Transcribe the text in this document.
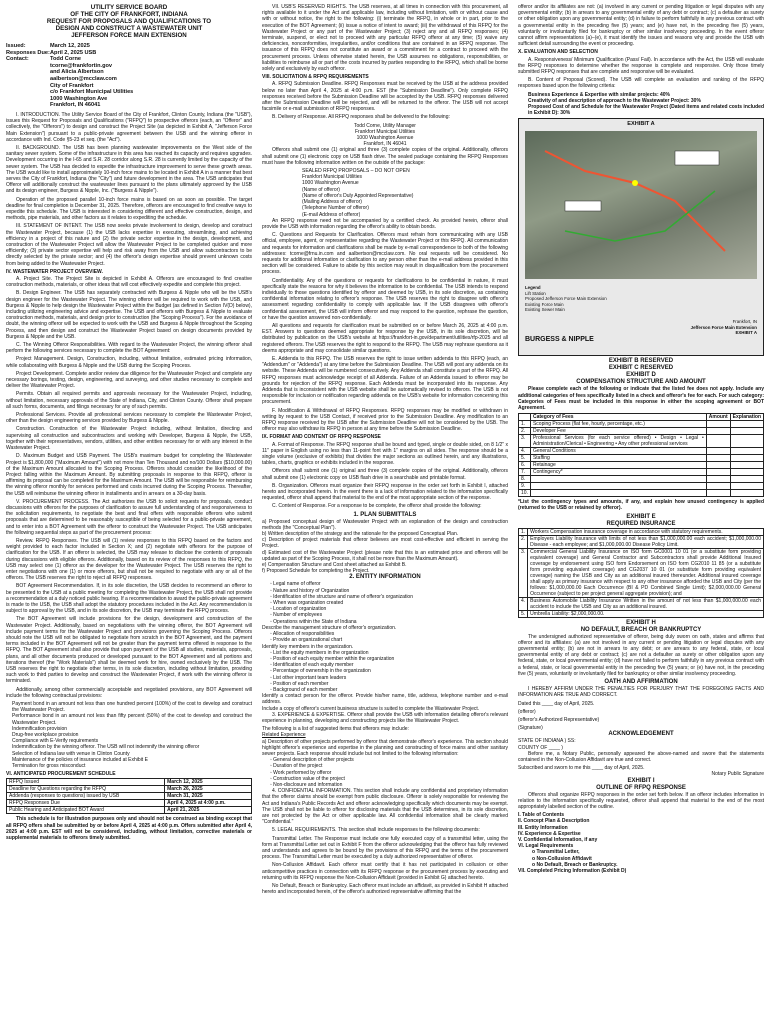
UTILITY SERVICE BOARD
OF THE CITY OF FRANKFORT, INDIANA
REQUEST FOR PROPOSALS AND QUALIFICATIONS TO
DESIGN AND CONSTRUCT A WASTEWATER UNIT
JEFFERSON FORCE MAIN EXTENSION
Issued:	March 12, 2025
Responses Due:April 2, 2025 USB
Contact:	Todd Corne
tcorne@frankfortin.gov
and Alicia Albertson
aalbertson@mcclaw.com
City of Frankfort
c/o Frankfort Municipal Utilities
1000 Washington Ave
Frankfort, IN 46041

I. INTRODUCTION. The Utility Service Board of the City of Frankfort, Clinton County, Indiana (the "USB"), issues this Request for Proposals and Qualifications ("RFPQ") to prospective offerors (each, an "Offeror" and collectively, the "Offerors") to design and construct the Project Site (as depicted in Exhibit A, "Jefferson Force Main Extension") pursuant to a public-private agreement between the USB and the winning offeror in accordance with Ind. Code §5-23 et seq. (the "Act").

II. BACKGROUND. The USB has been planning wastewater improvements on the West side of the sanitary sewer system. Some of the infrastructure in this area has reached its capacity and requires upgrades. Development occurring in the I-65 and S.R. 28 corridor along S.R. 28 is currently limited by the capacity of the sewer system. The USB has decided to expedite the infrastructure improvement to serve these growth areas. The USB would like to install approximately 10-inch force mains to be located in Exhibit A in a manner that best serves the City of Frankfort, Indiana (the "City") and future development in the area. The USB anticipates that Offeror will additionally construct the wastewater lines pursuant to the plans ultimately approved by the USB and its design engineer, Burgess & Nipple, Inc. ("Burgess & Nipple").

Operation of the proposed parallel 10-inch force mains is based on as soon as possible. The target deadline for final completion is December 31, 2025. Therefore, offerors are encouraged to find creative ways to expedite this schedule. The USB is interested in considering different and effective construction, design, and methods, pipe materials, and other factors as it relates to expediting the schedule.

III. STATEMENT OF INTENT. The USB now seeks private involvement to design, develop and construct the Wastewater Project, because (1) the USB lacks expertise in executing, streamlining, and achieving efficiency in a project of this nature and (2) the private sector expertise in the design, development, and construction of the Wastewater Project will allow the Wastewater Project to be completed quicker and more efficiently; (3) private sector expertise will help and risk away from the USB and allow subcontractors to be directly selected by the private sector; and (4) the offeror's design expertise should prevent unknown costs from being added to the Wastewater Project.

IV. WASTEWATER PROJECT OVERVIEW.

A. Project Site. The Project Site is depicted in Exhibit A. Offerors are encouraged to find creative construction methods, materials, or other ideas that will cost effectively expedite and complete this project.

B. Design Engineer. The USB has separately contracted with Burgess & Nipple who will be the USB's design engineer for the Wastewater Project. The winning offeror will be required to work with the USB, and Burgess & Nipple to help design the Wastewater Project within the Budget (as defined in Section IV(D) below), including utilizing engineering advice and expertise. The USB and offerors with Burgess & Nipple to evaluate construction methods, materials, and design prior to construction (the "Scoping Process"). For the avoidance of doubt, the winning offeror will be expected to work with the USB and Burgess & Nipple throughout the Scoping Process, and then design and construct the Wastewater Project based on design documents provided by Burgess & Nipple and the USB.

C. The Winning Offeror Responsibilities. With regard to the Wastewater Project, the winning offeror shall perform the following services necessary to complete the BOT Agreement:

Project Management. Design, Construction, including, without limitation, estimated pricing information, while collaborating with Burgess & Nipple and the USB during the Scoping Process.

Project Development. Complete and/or review due diligence for the Wastewater Project and complete any necessary borings, testing, design, engineering, and surveying, and other studies necessary to complete and deliver the Wastewater Project.

Permits. Obtain all required permits and approvals necessary for the Wastewater Project, including, without limitation, necessary approvals of the State of Indiana, City, and Clinton County. Offeror shall prepare all such forms, documents, and filings necessary for any of such permits.

Professional Services. Provide all professional services necessary to complete the Wastewater Project, other than the design engineering services provided by Burgess & Nipple.

Construction. Construction of the Wastewater Project including, without limitation, directing and supervising all construction and subcontractors and working with Developer, Burgess & Nipple, the USB, together with their representatives, vendors, utilities, and other entities necessary for or with any interest in the Wastewater Project.

D. Maximum Budget and USB Payment. The USB's maximum budget for completing the Wastewater Project is $1,800,000 ("Maximum Amount") with not more than Ten Thousand and no/100 Dollars ($10,000.00) of the Maximum Amount allocated to the Scoping Process. Offerors should consider the likelihood of the Project falling within the Maximum Amount. By submitting proposals in response to this RFPQ, offeror is affirming its proposal can be completed for the Maximum Amount. The USB will be responsible for reimbursing the winning offeror monthly for services performed and costs incurred during the Scoping Process. Thereafter, the USB will reimburse the winning offeror in installments and in arrears on a 30-day basis.

V. PROCUREMENT PROCESS. The Act authorizes the USB to solicit requests for proposals, conduct discussions with offerors for the purposes of clarification to assure full understanding of and responsiveness to the solicitation requirements, to negotiate the best and final offers with responsible offerors who submit proposals that are determined to be reasonably susceptible of being selected for a public-private agreement, and to enter into a BOT Agreement with the offeror to construct the Wastewater Project. The USB anticipates the following sequential steps as part of the procurement process:

Review. RFPQ Responses. The USB will (1) review responses to this RFPQ based on the factors and weight provided to each factor included in Section X; and (2) negotiate with offerors for the purpose of clarification for the USB. If an offeror is selected, the USB may release to disclose the contents of proposals during discussions with eligible offerors. Additionally, based on its review of the responses to this RFPQ, the USB may select one (1) offeror as the developer for the Wastewater Project. The USB reserves the right to enter negotiations with one (1) or more offerors, but shall not be required to negotiate with any or all of the offerors. The USB reserves the right to reject all RFPQ responses.

BOT Agreement Recommendation. If, in its sole discretion, the USB decides to recommend an offeror to be presented to the USB at a public meeting for completing the Wastewater Project, the USB shall not provide a recommendation at a duly noticed public hearing. If a recommendation to award the public-private agreement is made to the USB, the USB shall adopt the statutory procedures included in the Act. Any recommendation is subject to approval by the USB, and in its sole discretion, the USB may terminate the RFPQ process.

The BOT Agreement will include provisions for the design, development and construction of the Wastewater Project. Additionally, based on negotiations with the winning offeror, the BOT Agreement will include payment terms for the Wastewater Project and provisions governing the Scoping Process. Offerors should note the USB will not be obligated to negotiate from scratch in the BOT Agreement, and the payment terms included in the BOT Agreement will not be greater than the payment terms offered in response to the RFPQ. The BOT Agreement shall also provide that upon payment of the USB all studies, materials, approvals, plans, and all other documents produced or developed pursuant to the BOT Agreement and all portions and iterations thereof (the "Work Materials") shall be deemed work for hire, owned exclusively by the USB. The USB reserves the right to negotiate other terms, in its sole discretion, including without limitation, providing such work to third parties to develop and construct the Wastewater Project, if work with the winning offeror is terminated.

Additionally, among other commercially acceptable and negotiated provisions, any BOT Agreement will include the following contractual provisions:

Payment bond in an amount not less than one hundred percent (100%) of the cost to develop and construct the Wastewater Project.
Performance bond in an amount not less than fifty percent (50%) of the cost to develop and construct the Wastewater Project.
Indemnification provision
Drug-free workplace provision
Compliance with E-Verify requirements
Indemnification by the winning offeror. The USB will not indemnify the winning offeror
Selection of Indiana law with venue in Clinton County
Maintenance of the policies of insurance included at Exhibit E
Termination for gross misconduct
VI. ANTICIPATED PROCUREMENT SCHEDULE
RFPQ Issued	March 12, 2025
Deadline for Questions regarding the RFPQ	March 26, 2025
Addenda (responses to questions) issued by USB	March 31, 2025
RFPQ Responses Due	April 4, 2025 at 4:00 p.m.
Public Hearing and Anticipated BOT Award	April 21, 2025

This schedule is for illustration purposes only and should not be construed as binding except that all RFPQ offers shall be submitted by or before April 4, 2025 at 4:00 p.m. Offers submitted after April 4, 2025 at 4:00 p.m. EST will not be considered, including, without limitation, corrective materials or supplemental materials to offerors timely submitted.

VII. USB'S RESERVED RIGHTS. The USB reserves, at all times in connection with this procurement, all rights available to it under the Act and applicable law, including without limitation, with or without cause and with or without notice, the right to the following: (i) terminate the RFPQ, in whole or in part, prior to the execution of the BOT Agreement; (ii) issue a notice of intent to award; (iii) the withdrawal of this RFPQ for the Wastewater Project or any part of the Wastewater Project; (3) reject any and all RFPQ responses; (4) terminate, suspend, or elect not to proceed with any particular RFPQ offeror at any time; (5) waive any deficiencies, nonconformities, irregularities, and/or conditions that are contained in an RFPQ response. The issuance of this RFPQ does not constitute an award or a commitment for a contract to proceed with the procurement process. Unless otherwise stated herein, the USB assumes no obligations, responsibilities, or liabilities to reimburse all or part of the costs incurred by parties responding to the RFPQ, which shall be borne solely and exclusively by each offeror.

VIII. SOLICITATION & RFPQ REQUIREMENTS

A. RFPQ Submission Deadline. RFPQ Responses must be received by the USB at the address provided below no later than April 4, 2025 at 4:00 p.m. EST (the "Submission Deadline"). Only complete RFPQ responses received before the Submission Deadline will be accepted by the USB. RFPQ responses delivered after the Submission Deadline will be rejected, and will be returned to the offeror. The USB will not accept facsimile or e-mail submission of RFPQ responses.

B. Delivery of Response. All RFPQ responses shall be delivered to the following:

Todd Corne, Utility Manager
Frankfort Municipal Utilities
1000 Washington Avenue
Frankfort, IN 46041

Offerors shall submit one (1) original and three (3) complete copies of the original. Additionally, offerors shall submit one (1) electronic copy on USB flash drive. The sealed package containing the RFPQ Responses must have the following information written on the outside of the package:

SEALED RFPQ PROPOSALS – DO NOT OPEN
Frankfort Municipal Utilities
1000 Washington Avenue
(Name of offeror)
(Name of offeror's Duly Appointed Representative)
(Mailing Address of offeror)
(Telephone Number of offeror)
(E-mail Address of offeror)

An RFPQ response need not be accompanied by a certified check. As provided herein, offeror shall provide the USB with information regarding the offeror's ability to obtain bonds.

C. Questions and Requests for Clarification. Offerors must refrain from communicating with any USB official, employee, agent, or representative regarding the Wastewater Project or this RFPQ. All communication and requests for information and clarifications shall be made by e-mail correspondence to both of the following addresses: tcorne@frnu.in.com and aalbertson@mcclaw.com. No oral requests will be considered. No requests for additional information or clarification to any person other than the e-mail address provided in this section will be considered. Failure to abide by this section may result in disqualification from the procurement process.

Confidentiality. Any of the questions or requests for clarifications to be confidential in nature, it must specifically state the reasons for why it believes the information to be confidential. The USB intends to respond individually to those questions identified by offeror and deemed by USB, in its sole discretion, as containing confidential information relating to offeror's response. The USB reserves the right to disagree with offeror's assessment regarding confidentiality to comply with applicable law. If the USB disagrees with offeror's confidential assessment, the USB will inform offeror and may respond to the question, rephrase the question, or have the question answered non-confidentially.

All questions and requests for clarification must be submitted on or before March 26, 2025 at 4:00 p.m. EST. Answers to questions deemed appropriate for response by the USB, in its sole discretion, will be distributed by publication on the USB's website at https://frankfort-in.gov/department/utilities/rfp-2025 and all registered offerors. The USB reserves the right to respond to the RFPQ. The USB may rephrase questions as it deems appropriate and may consolidate similar questions.

E. Addenda to this RFPQ. The USB reserves the right to issue written addenda to this RFPQ (each, an "Addendum" or "Addenda") at any time before the Submission Deadline. The USB will post any addenda on its website. These Addenda will be numbered consecutively. Any Addenda shall constitute a part of the RFPQ. All RFPQ responses must acknowledge receipt of all Addenda. Failure of an Addenda issued to offeror may be grounds for rejection of the RFPQ response. Each Addenda must be incorporated into its response. Any Addenda that is inconsistent with the USB website shall be automatically revised to offerors. The USB is not responsible for inclusion or notification regarding addenda on the USB's website for information concerning this procurement.

F. Modification & Withdrawal of RFPQ Responses. RFPQ responses may be modified or withdrawn in writing by request to the USB Contact, if received prior to the Submission Deadline. Any modification to an RFPQ response received by the USB after the Submission Deadline will not be considered by the USB. The offeror may also withdraw its RFPQ in person at any time before the Submission Deadline.

IX. FORMAT AND CONTENT OF RFPQ RESPONSE

A. Format of Response. The RFPQ response shall be bound and typed, single or double sided, on 8 1/2" x 11" paper in English using no less than 11-point font with 1" margins on all sides. The response should be a single volume (exclusive of exhibits) that divides the major sections as outlined herein, and any illustrations, tables, charts, graphics or exhibits included in the response.

Offerors shall submit one (1) original and three (3) complete copies of the original. Additionally, offerors shall submit one (1) electronic copy on USB flash drive in a searchable and printable format.

B. Organization. Offerors must organize their RFPQ response in the order set forth in Exhibit I, attached hereto and incorporated herein. In the event there is a lack of information related to the information specifically requested, offeror shall append that material to the end of the most appropriate section of the response.

C. Content of Response. For a response to be complete, the offeror shall provide the following:

1. PLAN SUBMITTALS
a) Proposed conceptual design of Wastewater Project with an explanation of the design and construction methods (the "Conceptual Plan").
b) Written description of the strategy and the rationale for the proposed Conceptual Plan.
c) Description of project materials that offeror believes are most cost-effective and efficient in serving the Project.
d) Estimated cost of the Wastewater Project (please note that this is an estimated price and offerors will be updated as part of the Scoping Process, it shall not be more than the Maximum Amount).
e) Compensation Structure and Cost sheet attached as Exhibit B.
f) Proposed Schedule for completing the Project.
2. ENTITY INFORMATION
◦ Legal name of offeror
◦ Nature and history of Organization
◦ Identification of the structure and name of offeror's organization
◦ When was organization created
◦ Location of organization
◦ Number of employees
◦ Operations within the State of Indiana
Describe the management structure of offeror's organization.
◦ Allocation of responsibilities
◦ Provide an organizational chart
Identify key members in the organization.
◦ List the equity members in the organization
◦ Position of each equity member within the organization
◦ Identification of each equity member
◦ Percentage of ownership in the organization
◦ List other important team leaders
◦ Position of each member
◦ Background of each member
Identify a contact person for the offeror. Provide his/her name, title, address, telephone number and e-mail address.
Include a copy of offeror's current business structure is suited to complete the Wastewater Project.

3. EXPERIENCE & EXPERTISE. Offeror shall provide the USB with information detailing offeror's relevant experience in planning, developing and constructing projects like the Wastewater Project.

The following is a list of suggested items that offerors may include:
Related Experience
a) Description of other projects performed by offeror that demonstrate offeror's experience. This section should highlight offeror's experience and expertise in the planning and constructing of force mains and other sanitary sewer projects. Each response should include but not limited to the following information:
◦ General description of other projects
◦ Duration of the project
◦ Work performed by offeror
◦ Construction value of the project
◦ Non-disclosure and information

4. CONFIDENTIAL INFORMATION. This section shall include any confidential and proprietary information that the offeror claims should be exempt from public disclosure. Offeror is solely responsible for reviewing the Act and Indiana's Public Records Act and offeror acknowledging specifically which documents may be exempt. The USB shall not be liable to offeror for disclosing materials that the USB determines, in its sole discretion, are not protected by the Act or other applicable law. All confidential information shall be clearly marked "Confidential."

5. LEGAL REQUIREMENTS. This section shall include responses to the following documents:

Transmittal Letter. The Response must include one fully executed copy of a transmittal letter, using the form at Transmittal Letter set out in Exhibit F from the offeror acknowledging that the offeror has fully reviewed and understands and agrees to be bound by the provisions of this RFPQ and the terms of the procurement process. The Transmittal Letter must be executed by a duly authorized representative of offeror.

Non-Collusion Affidavit. Each offeror must certify that it has not participated in collusion or other anticompetitive practices in connection with its RFPQ response or the procurement process by executing and returning with its RFPQ response the Non-Collusion Affidavit (provided in Exhibit G) attached hereto.

No Default, Breach or Bankruptcy. Each offeror must include an affidavit, as provided in Exhibit H attached hereto and incorporated herein, of the offeror's authorized representative affirming that the

offeror and/or its affiliates are not: (a) involved in any current or pending litigation or legal disputes with any governmental entity; (b) in arrears to any governmental entity of any debt or contract; (c) a defaulter as surety or other obligation upon any governmental entity; (d) in failure to perform faithfully in any previous contract with a governmental entity in the preceding five (5) years; and (e) have not, in the preceding five (5) years, voluntarily or involuntarily filed for bankruptcy or other similar insolvency proceeding. In the event offeror cannot affirm representations (a)–(e), it must identify the issues and reasons why and provide the USB with sufficient detail surrounding the event or proceeding.

X. EVALUATION AND SELECTION

A. Responsiveness/ Minimum Qualification (Pass/ Fail). In accordance with the Act, the USB will evaluate the RFPQ responses to determine whether the response is complete and responsive. Only those timely submitted RFPQ responses that are complete and responsive will be evaluated.

B. Content of Proposal (Scored). The USB will complete an evaluation and ranking of the RFPQ responses based upon the following criteria:

Business Experience & Expertise with similar projects: 40%
Creativity of and description of approach to the Wastewater Project: 30%
Proposed Cost of and Schedule for the Wastewater Project (Dated items and related costs included in Exhibit D): 30%
EXHIBIT A
Legend
Lift Station
Proposed Jefferson Force Main Extension
Existing Force Main
Existing Sewer Main
BURGESS & NIPPLE
Frankfort, IN
Jefferson Force Main Extension
EXHIBIT A
EXHIBIT B RESERVED
EXHIBIT C RESERVED
EXHIBIT D
COMPENSATION STRUCTURE AND AMOUNT

Please complete each of the following or indicate that the listed fee does not apply. Include any additional categories of fees specifically listed in a check and offeror's fee for each. For such category: Categories of Fees must be included in this response in either the scoping agreement or BOT Agreement.

	Category of Fees	Amount	Explanation
1.	Scoping Process (flat fee, hourly, percentage, etc.)		
2.	Developer Fee		
3.	Professional Services (for each service offered) • Design • Legal • Administration/Clerical • Engineering • Any other professional services		
4.	General Conditions		
5.	Staffing		
6.	Retainage		
7.	Contingency*		
8.			
9.			
10.			

*List the contingency types and amounts, if any, and explain how unused contingency is applied (returned to the USB or retained by offeror).

EXHIBIT E
REQUIRED INSURANCE
1.	Workers Compensation insurance coverage in accordance with statutory requirements.
2.	Employers Liability Insurance with limits of not less than $1,000,000.00 each accident; $1,000,000.00 Disease - each employee; and $1,000,000.00 Disease Policy Limit.
3.	Commercial General Liability Insurance on ISO form GC0001 10 01 (or a substitute form providing equivalent coverage) and General Contractor and Subcontractors shall provide Additional Insured coverage by endorsement using ISO form Endorsement on ISO form CG2010 11 85 (or a substitute form providing equivalent coverage) and CG2037 10 01 (or substitute form providing equivalent coverage) naming the USB and City as an additional insured thereunder. Additional insured coverage shall apply as primary insurance with respect to any other insurance afforded the USB and City (per the follows: $1,000,000.00 Each Occurrence (BI & PD Combined Single Limit); $2,000,000.00 General Occurrence (subject to per project general aggregate provision); and
4.	Business Automobile Liability Insurance Written in the amount of not less than $1,000,000.00 each accident to include the USB and City as an additional insured.
5.	Umbrella Liability: $2,000,000.00.
EXHIBIT H
NO DEFAULT, BREACH OR BANKRUPTCY

The undersigned authorized representative of offeror, being duly sworn on oath, states and affirms that offeror and its affiliates: (a) are not involved in any current or pending litigation or legal disputes with any governmental entity; (b) are not in arrears to any debt; or are arrears to any federal, state, or local governmental entity of any debt or contract; (c) are not a defaulter as surety or other obligation upon any federal, state, or local governmental entity; (d) have not failed to perform faithfully in any previous contract with a federal, state, or local governmental entity in the preceding five (5) years; or (e) have not, in the preceding five (5) years, voluntarily or involuntarily filed for bankruptcy or other similar insolvency proceeding.

OATH AND AFFIRMATION

I HEREBY AFFIRM UNDER THE PENALTIES FOR PERJURY THAT THE FOREGOING FACTS AND INFORMATION ARE TRUE AND CORRECT.

Dated this ____ day of April, 2025.
(offeror)
(offeror's Authorized Representative)
(Signature)
ACKNOWLEDGEMENT
STATE OF INDIANA ) SS:
COUNTY OF ____ )

Before me, a Notary Public, personally appeared the above-named and swore that the statements contained in the Non-Collusion Affidavit are true and correct.

Subscribed and sworn to me this ____ day of April, 2025.
Notary Public Signature
EXHIBIT I
OUTLINE OF RFPQ RESPONSE

Offerors shall organize RFPQ responses in the order set forth below. If an offeror includes information in relation to the information specifically requested, offeror shall append that material to the end of the most appropriately labelled section of the outline.

I. Table of Contents
II. Concept Plan & Description
III. Entity Information
IV. Experience & Expertise
V. Confidential Information, if any
VI. Legal Requirements
o Transmittal Letter,
o Non-Collusion Affidavit
o No Default, Breach or Bankruptcy.
VII. Completed Pricing Information (Exhibit D)
